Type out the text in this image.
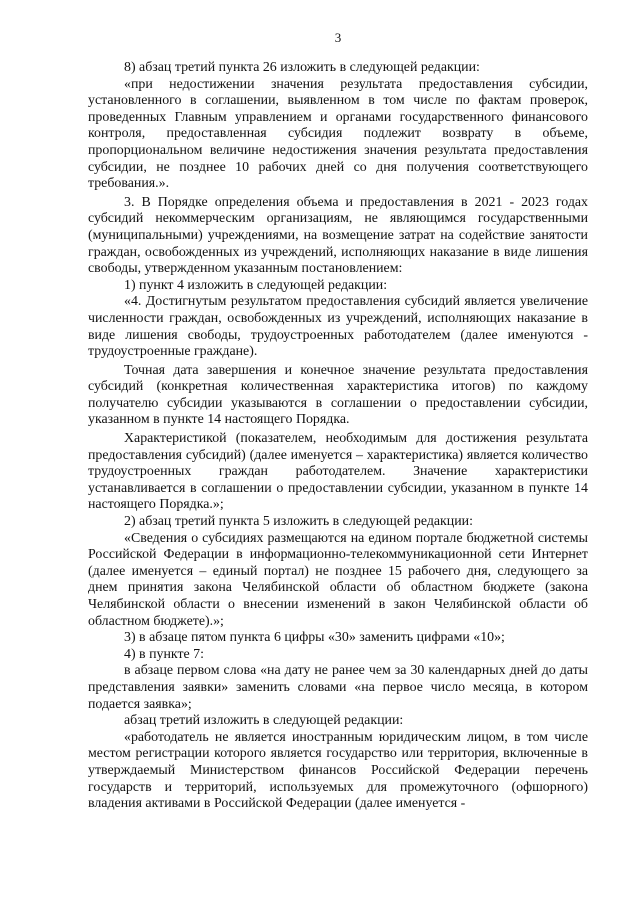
3

8) абзац третий пункта 26 изложить в следующей редакции:

«при недостижении значения результата предоставления субсидии, установленного в соглашении, выявленном в том числе по фактам проверок, проведенных Главным управлением и органами государственного финансового контроля, предоставленная субсидия подлежит возврату в объеме, пропорциональном величине недостижения значения результата предоставления субсидии, не позднее 10 рабочих дней со дня получения соответствующего требования.».

3. В Порядке определения объема и предоставления в 2021 - 2023 годах субсидий некоммерческим организациям, не являющимся государственными (муниципальными) учреждениями, на возмещение затрат на содействие занятости граждан, освобожденных из учреждений, исполняющих наказание в виде лишения свободы, утвержденном указанным постановлением:

1) пункт 4 изложить в следующей редакции:

«4. Достигнутым результатом предоставления субсидий является увеличение численности граждан, освобожденных из учреждений, исполняющих наказание в виде лишения свободы, трудоустроенных работодателем (далее именуются - трудоустроенные граждане).

Точная дата завершения и конечное значение результата предоставления субсидий (конкретная количественная характеристика итогов) по каждому получателю субсидии указываются в соглашении о предоставлении субсидии, указанном в пункте 14 настоящего Порядка.

Характеристикой (показателем, необходимым для достижения результата предоставления субсидий) (далее именуется – характеристика) является количество трудоустроенных граждан работодателем. Значение характеристики устанавливается в соглашении о предоставлении субсидии, указанном в пункте 14 настоящего Порядка.»;

2) абзац третий пункта 5 изложить в следующей редакции:

«Сведения о субсидиях размещаются на едином портале бюджетной системы Российской Федерации в информационно-телекоммуникационной сети Интернет (далее именуется – единый портал) не позднее 15 рабочего дня, следующего за днем принятия закона Челябинской области об областном бюджете (закона Челябинской области о внесении изменений в закон Челябинской области об областном бюджете).»;

3) в абзаце пятом пункта 6 цифры «30» заменить цифрами «10»;

4) в пункте 7:

в абзаце первом слова «на дату не ранее чем за 30 календарных дней до даты представления заявки» заменить словами «на первое число месяца, в котором подается заявка»;

абзац третий изложить в следующей редакции:

«работодатель не является иностранным юридическим лицом, в том числе местом регистрации которого является государство или территория, включенные в утверждаемый Министерством финансов Российской Федерации перечень государств и территорий, используемых для промежуточного (офшорного) владения активами в Российской Федерации (далее именуется -
